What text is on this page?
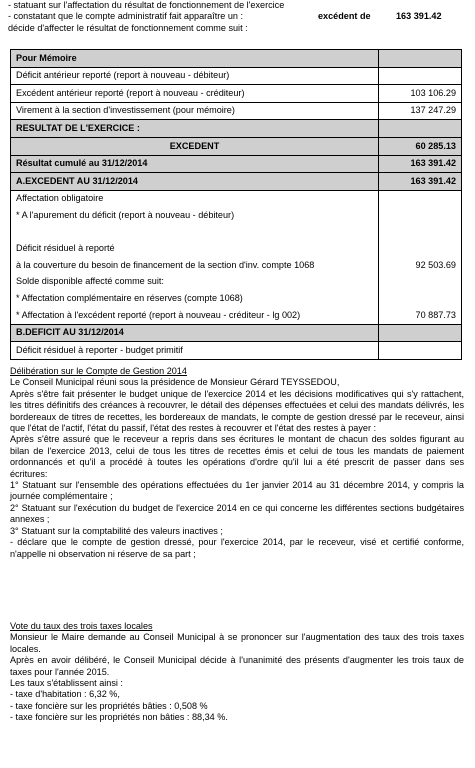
- statuant sur l'affectation du résultat de fonctionnement de l'exercice
- constatant que le compte administratif fait apparaître un :	excédent de	163 391.42
décide d'affecter le résultat de fonctionnement comme suit :
Pour Mémoire	
Déficit antérieur reporté (report à nouveau - débiteur)	
Excédent antérieur reporté (report à nouveau - créditeur)	103 106.29
Virement à la section d'investissement (pour mémoire)	137 247.29
RESULTAT DE L'EXERCICE :	
EXCEDENT	60 285.13
Résultat cumulé au 31/12/2014	163 391.42
A.EXCEDENT AU 31/12/2014	163 391.42
Affectation obligatoire	
* A l'apurement du déficit (report à nouveau - débiteur)	

Déficit résiduel à reporté	
à la couverture du besoin de financement de la section d'inv. compte 1068	92 503.69
Solde disponible affecté comme suit:	
* Affectation complémentaire en réserves (compte 1068)	
* Affectation à l'excédent reporté (report à nouveau - créditeur - lg 002)	70 887.73
B.DEFICIT AU 31/12/2014	
Déficit résiduel à reporter - budget primitif	

Délibération sur le Compte de Gestion 2014

Le Conseil Municipal réuni sous la présidence de Monsieur Gérard TEYSSEDOU,

Après s'être fait présenter le budget unique de l'exercice 2014 et les décisions modificatives qui s'y rattachent, les titres définitifs des créances à recouvrer, le détail des dépenses effectuées et celui des mandats délivrés, les bordereaux de titres de recettes, les bordereaux de mandats, le compte de gestion dressé par le receveur, ainsi que l'état de l'actif, l'état du passif, l'état des restes à recouvrer et l'état des restes à payer :

Après s'être assuré que le receveur a repris dans ses écritures le montant de chacun des soldes figurant au bilan de l'exercice 2013, celui de tous les titres de recettes émis et celui de tous les mandats de paiement ordonnancés et qu'il a procédé à toutes les opérations d'ordre qu'il lui a été prescrit de passer dans ses écritures:

1° Statuant sur l'ensemble des opérations effectuées du 1er janvier 2014 au 31 décembre 2014, y compris la journée complémentaire ;

2° Statuant sur l'exécution du budget de l'exercice 2014 en ce qui concerne les différentes sections budgétaires annexes ;

3° Statuant sur la comptabilité des valeurs inactives ;

- déclare que le compte de gestion dressé, pour l'exercice 2014, par le receveur, visé et certifié conforme, n'appelle ni observation ni réserve de sa part ;

Vote du taux des trois taxes locales

Monsieur le Maire demande au Conseil Municipal à se prononcer sur l'augmentation des taux des trois taxes locales.

Après en avoir délibéré, le Conseil Municipal décide à l'unanimité des présents d'augmenter les trois taux de taxes pour l'année 2015.

Les taux s'établissent ainsi :

- taxe d'habitation : 6,32 %,

- taxe foncière sur les propriétés bâties : 0,508 %

- taxe foncière sur les propriétés non bâties : 88,34 %.
